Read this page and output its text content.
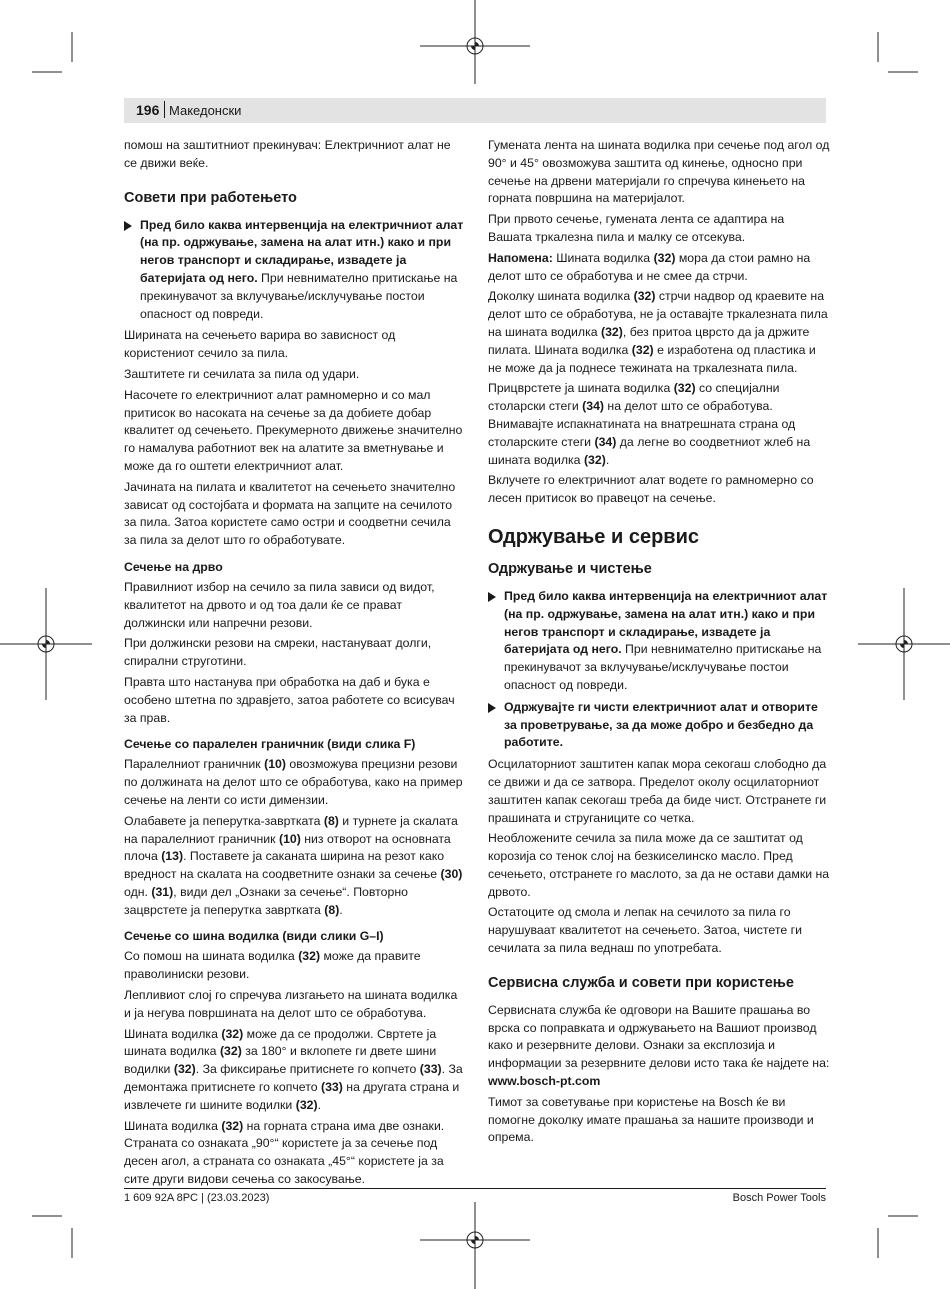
196 Македонски

помош на заштитниот прекинувач: Електричниот алат не се движи веќе.

Совети при работењето
Пред било каква интервенција на електричниот алат (на пр. одржување, замена на алат итн.) како и при негов транспорт и складирање, извадете ја батеријата од него. При невнимателно притискање на прекинувачот за вклучување/исклучување постои опасност од повреди.

Ширината на сечењето варира во зависност од користениот сечило за пила.

Заштитете ги сечилата за пила од удари.

Насочете го електричниот алат рамномерно и со мал притисок во насоката на сечење за да добиете добар квалитет од сечењето. Прекумерното движење значително го намалува работниот век на алатите за вметнување и може да го оштети електричниот алат.

Јачината на пилата и квалитетот на сечењето значително зависат од состојбата и формата на запците на сечилото за пила. Затоа користете само остри и соодветни сечила за пила за делот што го обработувате.

Сечење на дрво

Правилниот избор на сечило за пила зависи од видот, квалитетот на дрвото и од тоа дали ќе се прават должински или напречни резови.

При должински резови на смреки, настануваат долги, спирални струготини.

Правта што настанува при обработка на даб и бука е особено штетна по здравјето, затоа работете со всисувач за прав.

Сечење со паралелен граничник (види слика F)

Паралелниот граничник (10) овозможува прецизни резови по должината на делот што се обработува, како на пример сечење на ленти со исти димензии.

Олабавете ја пеперутка-завртката (8) и турнете ја скалата на паралелниот граничник (10) низ отворот на основната плоча (13). Поставете ја саканата ширина на резот како вредност на скалата на соодветните ознаки за сечење (30) одн. (31), види дел „Ознаки за сечење“. Повторно зацврстете ја пеперутка завртката (8).

Сечење со шина водилка (види слики G–I)

Со помош на шината водилка (32) може да правите праволиниски резови.

Лепливиот слој го спречува лизгањето на шината водилка и ја негува површината на делот што се обработува.

Шината водилка (32) може да се продолжи. Свртете ја шината водилка (32) за 180° и вклопете ги двете шини водилки (32). За фиксирање притиснете го копчето (33). За демонтажа притиснете го копчето (33) на другата страна и извлечете ги шините водилки (32).

Шината водилка (32) на горната страна има две ознаки. Страната со ознаката „90°“ користете ја за сечење под десен агол, а страната со ознаката „45°“ користете ја за сите други видови сечења со закосување.

Гумената лента на шината водилка при сечење под агол од 90° и 45° овозможува заштита од кинење, односно при сечење на дрвени материјали го спречува кинењето на горната површина на материјалот.

При првото сечење, гумената лента се адаптира на Вашата тркалезна пила и малку се отсекува.

Напомена: Шината водилка (32) мора да стои рамно на делот што се обработува и не смее да стрчи.

Доколку шината водилка (32) стрчи надвор од краевите на делот што се обработува, не ја оставајте тркалезната пила на шината водилка (32), без притоа цврсто да ја држите пилата. Шината водилка (32) е изработена од пластика и не може да ја поднесе тежината на тркалезната пила.

Прицврстете ја шината водилка (32) со специјални столарски стеги (34) на делот што се обработува. Внимавајте испакнатината на внатрешната страна од столарските стеги (34) да легне во соодветниот жлеб на шината водилка (32).

Вклучете го електричниот алат водете го рамномерно со лесен притисок во правецот на сечење.

Одржување и сервис
Одржување и чистење
Пред било каква интервенција на електричниот алат (на пр. одржување, замена на алат итн.) како и при негов транспорт и складирање, извадете ја батеријата од него. При невнимателно притискање на прекинувачот за вклучување/исклучување постои опасност од повреди.
Одржувајте ги чисти електричниот алат и отворите за проветрување, за да може добро и безбедно да работите.

Осцилаторниот заштитен капак мора секогаш слободно да се движи и да се затвора. Пределот околу осцилаторниот заштитен капак секогаш треба да биде чист. Отстранете ги прашината и струганиците со четка.

Необложените сечила за пила може да се заштитат од корозија со тенок слој на безкиселинско масло. Пред сечењето, отстранете го маслото, за да не остави дамки на дрвото.

Остатоците од смола и лепак на сечилото за пила го нарушуваат квалитетот на сечењето. Затоа, чистете ги сечилата за пила веднаш по употребата.

Сервисна служба и совети при користење

Сервисната служба ќе одговори на Вашите прашања во врска со поправката и одржувањето на Вашиот производ како и резервните делови. Ознаки за експлозија и информации за резервните делови исто така ќе најдете на: www.bosch-pt.com

Тимот за советување при користење на Bosch ќе ви помогне доколку имате прашања за нашите производи и опрема.

1 609 92A 8PC | (23.03.2023)	Bosch Power Tools
